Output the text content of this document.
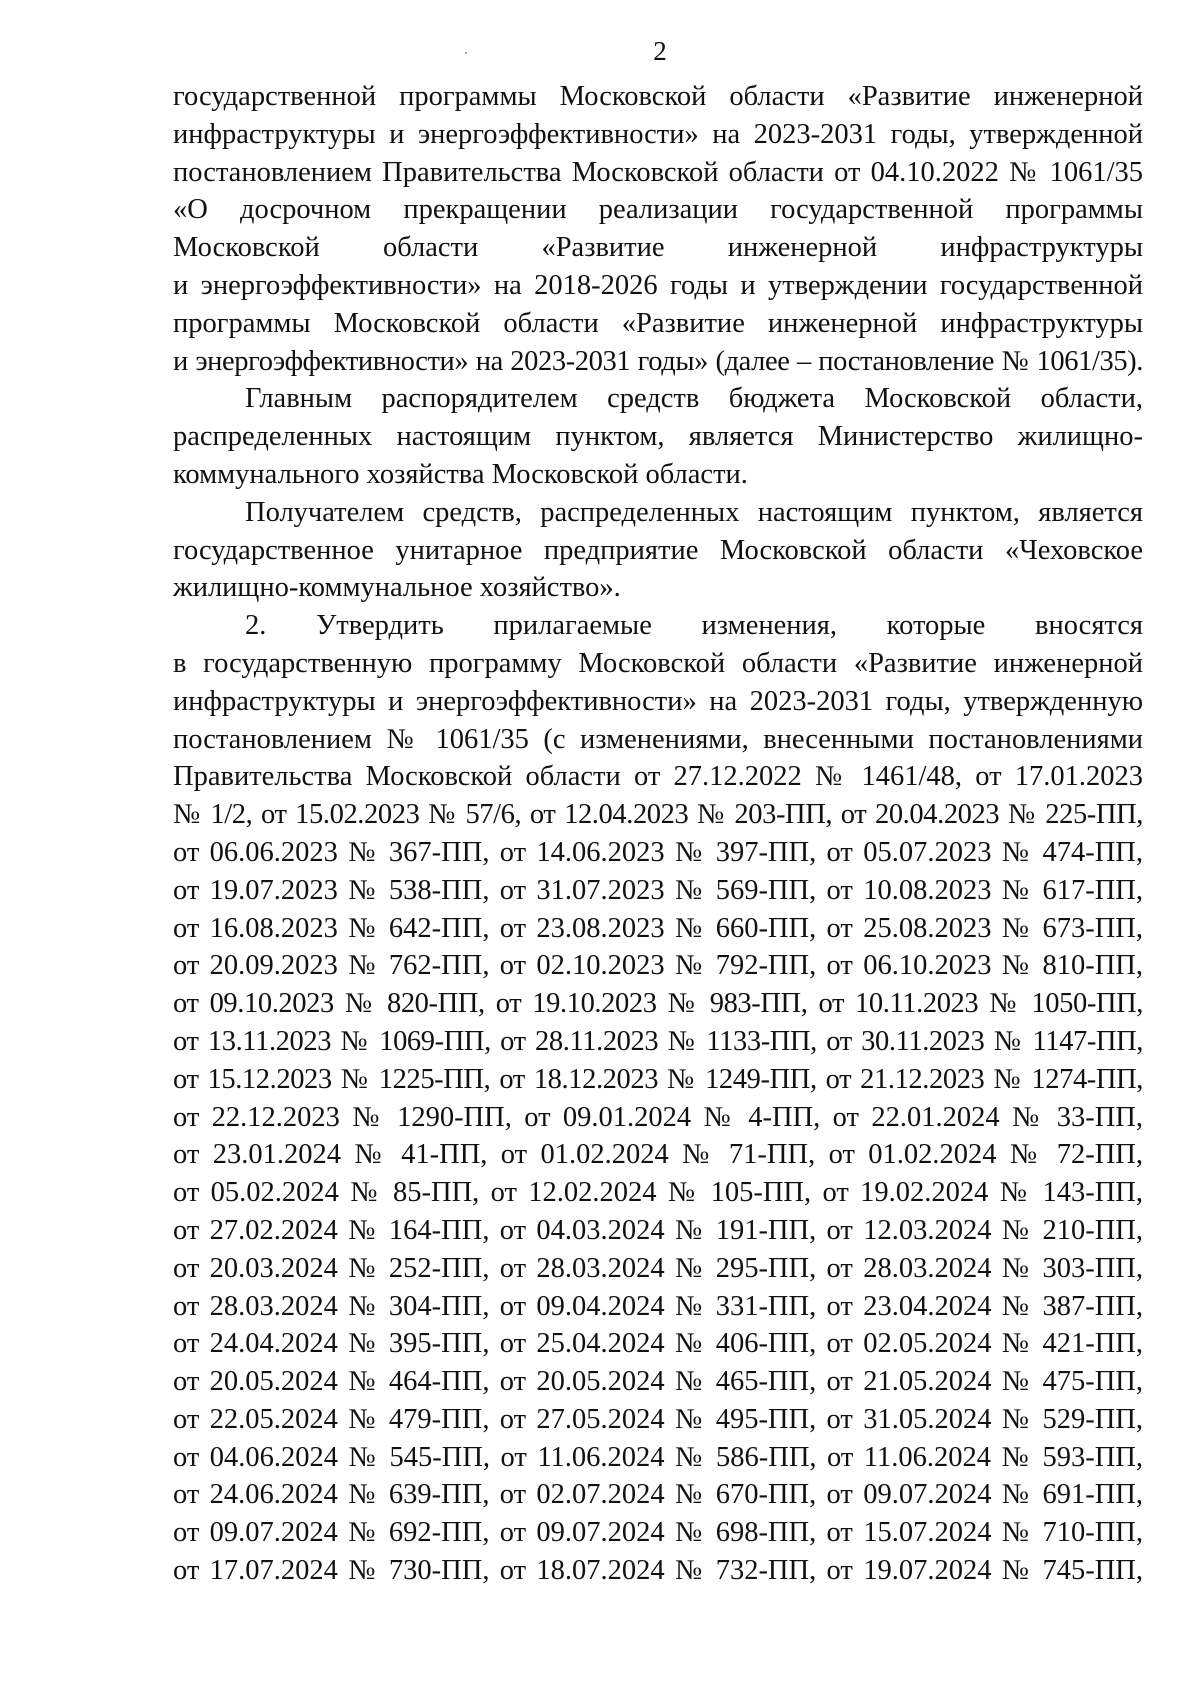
2
государственной программы Московской области «Развитие инженерной
инфраструктуры и энергоэффективности» на 2023-2031 годы, утвержденной
постановлением Правительства Московской области от 04.10.2022 № 1061/35
«О досрочном прекращении реализации государственной программы
Московской области «Развитие инженерной инфраструктуры
и энергоэффективности» на 2018-2026 годы и утверждении государственной
программы Московской области «Развитие инженерной инфраструктуры
и энергоэффективности» на 2023-2031 годы» (далее – постановление № 1061/35).
Главным распорядителем средств бюджета Московской области,
распределенных настоящим пунктом, является Министерство жилищно-
коммунального хозяйства Московской области.
Получателем средств, распределенных настоящим пунктом, является
государственное унитарное предприятие Московской области «Чеховское
жилищно-коммунальное хозяйство».
2. Утвердить прилагаемые изменения, которые вносятся
в государственную программу Московской области «Развитие инженерной
инфраструктуры и энергоэффективности» на 2023-2031 годы, утвержденную
постановлением № 1061/35 (с изменениями, внесенными постановлениями
Правительства Московской области от 27.12.2022 № 1461/48, от 17.01.2023
№ 1/2, от 15.02.2023 № 57/6, от 12.04.2023 № 203-ПП, от 20.04.2023 № 225-ПП,
от 06.06.2023 № 367-ПП, от 14.06.2023 № 397-ПП, от 05.07.2023 № 474-ПП,
от 19.07.2023 № 538-ПП, от 31.07.2023 № 569-ПП, от 10.08.2023 № 617-ПП,
от 16.08.2023 № 642-ПП, от 23.08.2023 № 660-ПП, от 25.08.2023 № 673-ПП,
от 20.09.2023 № 762-ПП, от 02.10.2023 № 792-ПП, от 06.10.2023 № 810-ПП,
от 09.10.2023 № 820-ПП, от 19.10.2023 № 983-ПП, от 10.11.2023 № 1050-ПП,
от 13.11.2023 № 1069-ПП, от 28.11.2023 № 1133-ПП, от 30.11.2023 № 1147-ПП,
от 15.12.2023 № 1225-ПП, от 18.12.2023 № 1249-ПП, от 21.12.2023 № 1274-ПП,
от 22.12.2023 № 1290-ПП, от 09.01.2024 № 4-ПП, от 22.01.2024 № 33-ПП,
от 23.01.2024 № 41-ПП, от 01.02.2024 № 71-ПП, от 01.02.2024 № 72-ПП,
от 05.02.2024 № 85-ПП, от 12.02.2024 № 105-ПП, от 19.02.2024 № 143-ПП,
от 27.02.2024 № 164-ПП, от 04.03.2024 № 191-ПП, от 12.03.2024 № 210-ПП,
от 20.03.2024 № 252-ПП, от 28.03.2024 № 295-ПП, от 28.03.2024 № 303-ПП,
от 28.03.2024 № 304-ПП, от 09.04.2024 № 331-ПП, от 23.04.2024 № 387-ПП,
от 24.04.2024 № 395-ПП, от 25.04.2024 № 406-ПП, от 02.05.2024 № 421-ПП,
от 20.05.2024 № 464-ПП, от 20.05.2024 № 465-ПП, от 21.05.2024 № 475-ПП,
от 22.05.2024 № 479-ПП, от 27.05.2024 № 495-ПП, от 31.05.2024 № 529-ПП,
от 04.06.2024 № 545-ПП, от 11.06.2024 № 586-ПП, от 11.06.2024 № 593-ПП,
от 24.06.2024 № 639-ПП, от 02.07.2024 № 670-ПП, от 09.07.2024 № 691-ПП,
от 09.07.2024 № 692-ПП, от 09.07.2024 № 698-ПП, от 15.07.2024 № 710-ПП,
от 17.07.2024 № 730-ПП, от 18.07.2024 № 732-ПП, от 19.07.2024 № 745-ПП,
